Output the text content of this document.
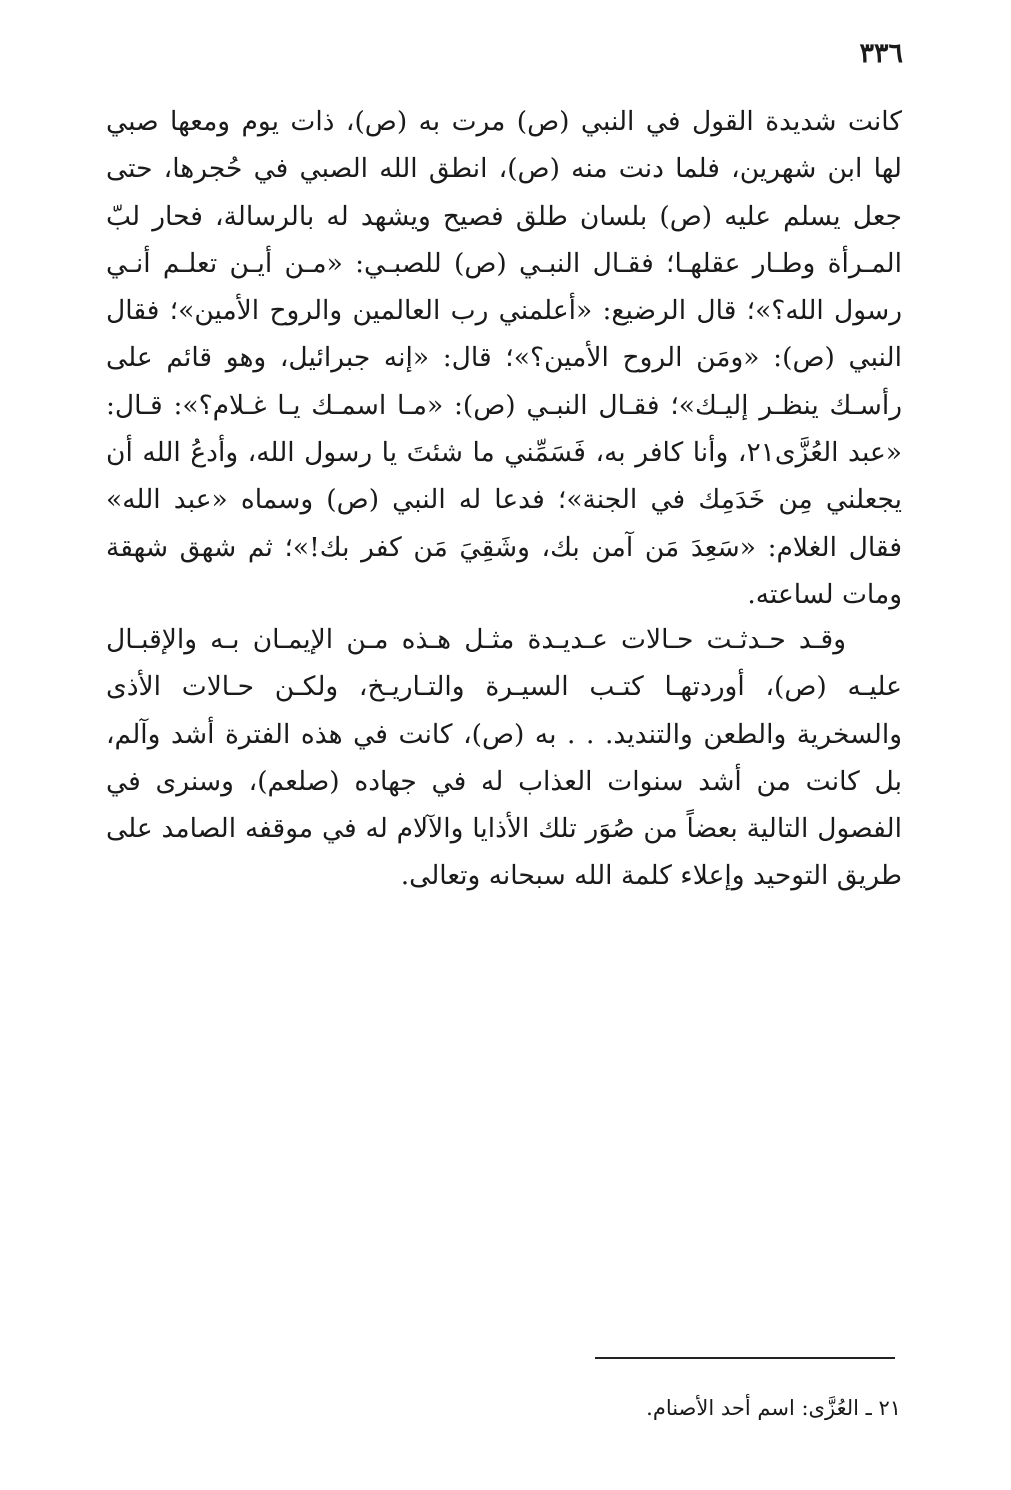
٣٣٦

كانت شديدة القول في النبي (ص) مرت به (ص)، ذات يوم ومعها صبي لها ابن شهرين، فلما دنت منه (ص)، انطق الله الصبي في حُجرها، حتى جعل يسلم عليه (ص) بلسان طلق فصيح ويشهد له بالرسالة، فحار لبّ المـرأة وطـار عقلهـا؛ فقـال النبـي (ص) للصبـي: «مـن أيـن تعلـم أنـي رسول الله؟»؛ قال الرضيع: «أعلمني رب العالمين والروح الأمين»؛ فقال النبي (ص): «ومَن الروح الأمين؟»؛ قال: «إنه جبرائيل، وهو قائم على رأسـك ينظـر إليـك»؛ فقـال النبـي (ص): «مـا اسمـك يـا غـلام؟»: قـال: «عبد العُزَّى٢١، وأنا كافر به، فَسَمِّني ما شئتَ يا رسول الله، وأدعُ الله أن يجعلني مِن خَدَمِك في الجنة»؛ فدعا له النبي (ص) وسماه «عبد الله» فقال الغلام: «سَعِدَ مَن آمن بك، وشَقِيَ مَن كفر بك!»؛ ثم شهق شهقة ومات لساعته.

وقـد حـدثـت حـالات عـديـدة مثـل هـذه مـن الإيمـان بـه والإقبـال عليـه (ص)، أوردتهـا كتـب السيـرة والتـاريـخ، ولكـن حـالات الأذى والسخرية والطعن والتنديد. . . به (ص)، كانت في هذه الفترة أشد وآلم، بل كانت من أشد سنوات العذاب له في جهاده (صلعم)، وسنرى في الفصول التالية بعضاً من صُوَر تلك الأذايا والآلام له في موقفه الصامد على طريق التوحيد وإعلاء كلمة الله سبحانه وتعالى.

٢١ ـ العُزَّى: اسم أحد الأصنام.
